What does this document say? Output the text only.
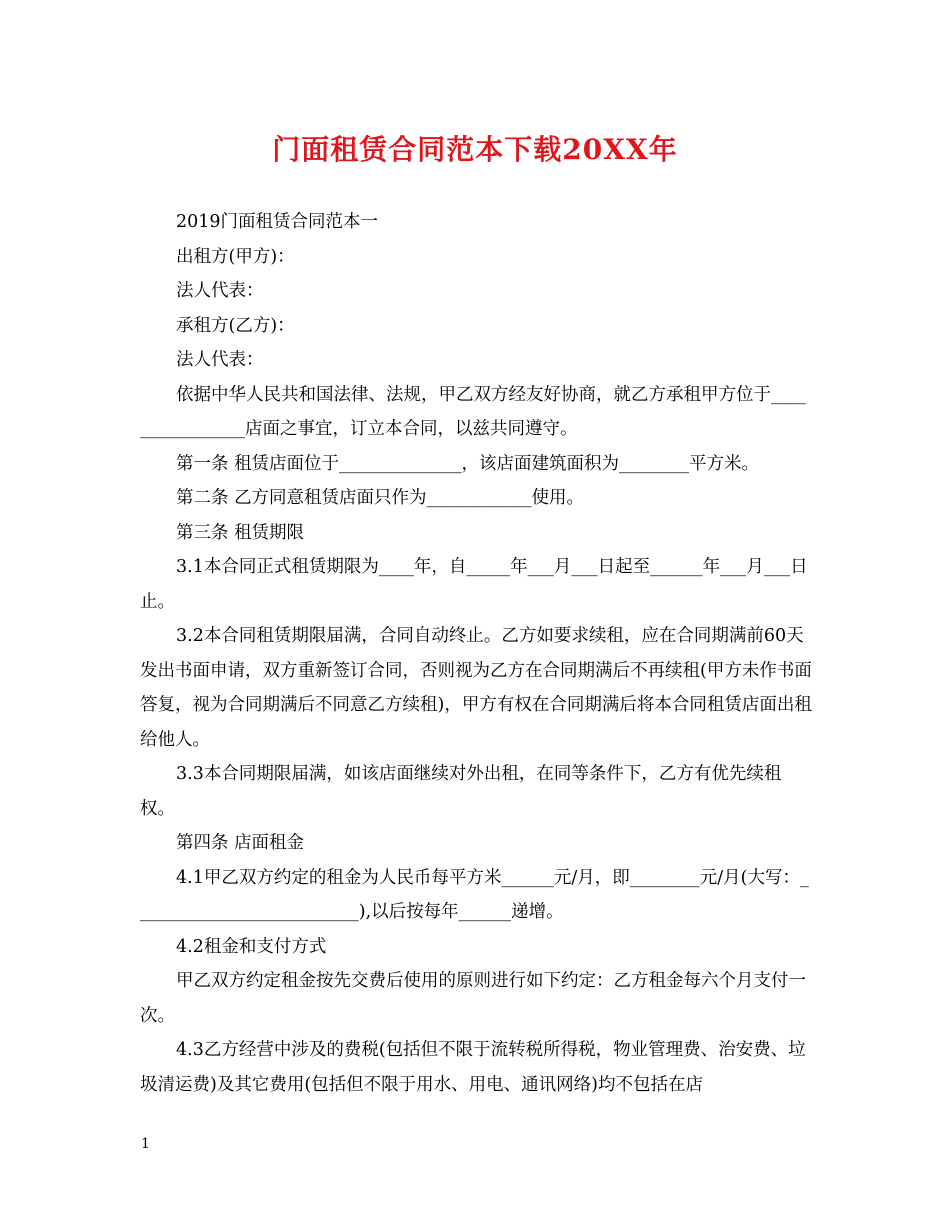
门面租赁合同范本下载20XX年

2019门面租赁合同范本一

出租方(甲方)：

法人代表：

承租方(乙方)：

法人代表：

依据中华人民共和国法律、法规，甲乙双方经友好协商，就乙方承租甲方位于________________店面之事宜，订立本合同，以兹共同遵守。

第一条 租赁店面位于______________，该店面建筑面积为________平方米。

第二条 乙方同意租赁店面只作为____________使用。

第三条 租赁期限

3.1本合同正式租赁期限为____年，自_____年___月___日起至______年___月___日止。

3.2本合同租赁期限届满，合同自动终止。乙方如要求续租，应在合同期满前60天发出书面申请，双方重新签订合同，否则视为乙方在合同期满后不再续租(甲方未作书面答复，视为合同期满后不同意乙方续租)，甲方有权在合同期满后将本合同租赁店面出租给他人。

3.3本合同期限届满，如该店面继续对外出租，在同等条件下，乙方有优先续租权。

第四条 店面租金

4.1甲乙双方约定的租金为人民币每平方米______元/月，即________元/月(大写：__________________________),以后按每年______递增。

4.2租金和支付方式

甲乙双方约定租金按先交费后使用的原则进行如下约定：乙方租金每六个月支付一次。

4.3乙方经营中涉及的费税(包括但不限于流转税所得税，物业管理费、治安费、垃圾清运费)及其它费用(包括但不限于用水、用电、通讯网络)均不包括在店

1
